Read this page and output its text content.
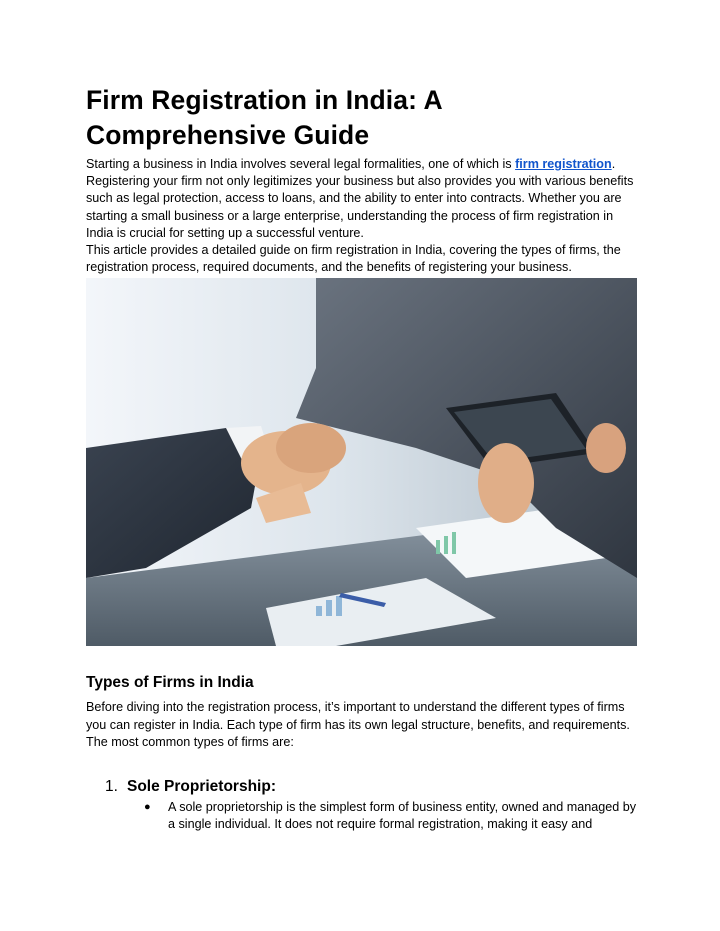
Firm Registration in India: A
Comprehensive Guide

Starting a business in India involves several legal formalities, one of which is firm registration. Registering your firm not only legitimizes your business but also provides you with various benefits such as legal protection, access to loans, and the ability to enter into contracts. Whether you are starting a small business or a large enterprise, understanding the process of firm registration in India is crucial for setting up a successful venture.

This article provides a detailed guide on firm registration in India, covering the types of firms, the registration process, required documents, and the benefits of registering your business.

Types of Firms in India

Before diving into the registration process, it’s important to understand the different types of firms you can register in India. Each type of firm has its own legal structure, benefits, and requirements. The most common types of firms are:

1. Sole Proprietorship:
● A sole proprietorship is the simplest form of business entity, owned and managed by a single individual. It does not require formal registration, making it easy and
